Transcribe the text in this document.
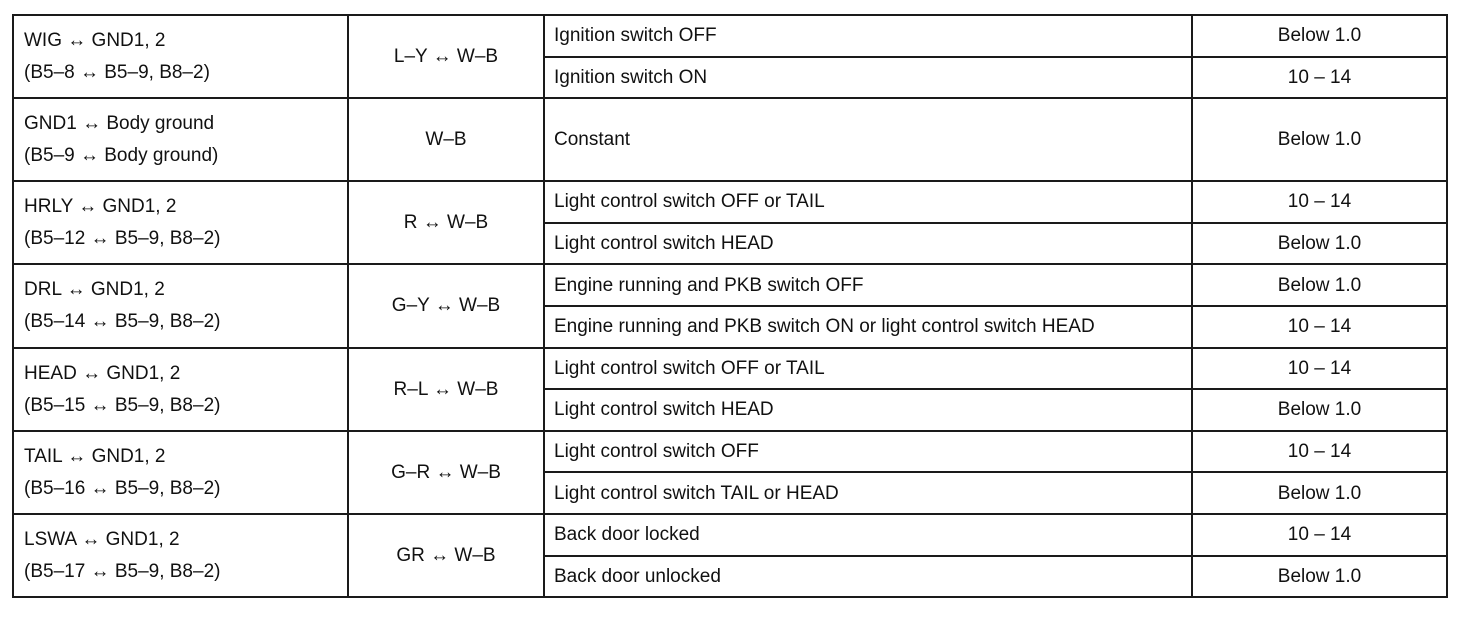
WIG ↔ GND1, 2
(B5–8 ↔ B5–9, B8–2)	L–Y ↔ W–B	Ignition switch OFF	Below 1.0
		Ignition switch ON	10 – 14

GND1 ↔ Body ground
(B5–9 ↔ Body ground)	W–B	Constant	Below 1.0

HRLY ↔ GND1, 2
(B5–12 ↔ B5–9, B8–2)	R ↔ W–B	Light control switch OFF or TAIL	10 – 14
		Light control switch HEAD	Below 1.0

DRL ↔ GND1, 2
(B5–14 ↔ B5–9, B8–2)	G–Y ↔ W–B	Engine running and PKB switch OFF	Below 1.0
		Engine running and PKB switch ON or light control switch HEAD	10 – 14

HEAD ↔ GND1, 2
(B5–15 ↔ B5–9, B8–2)	R–L ↔ W–B	Light control switch OFF or TAIL	10 – 14
		Light control switch HEAD	Below 1.0

TAIL ↔ GND1, 2
(B5–16 ↔ B5–9, B8–2)	G–R ↔ W–B	Light control switch OFF	10 – 14
		Light control switch TAIL or HEAD	Below 1.0

LSWA ↔ GND1, 2
(B5–17 ↔ B5–9, B8–2)	GR ↔ W–B	Back door locked	10 – 14
		Back door unlocked	Below 1.0
